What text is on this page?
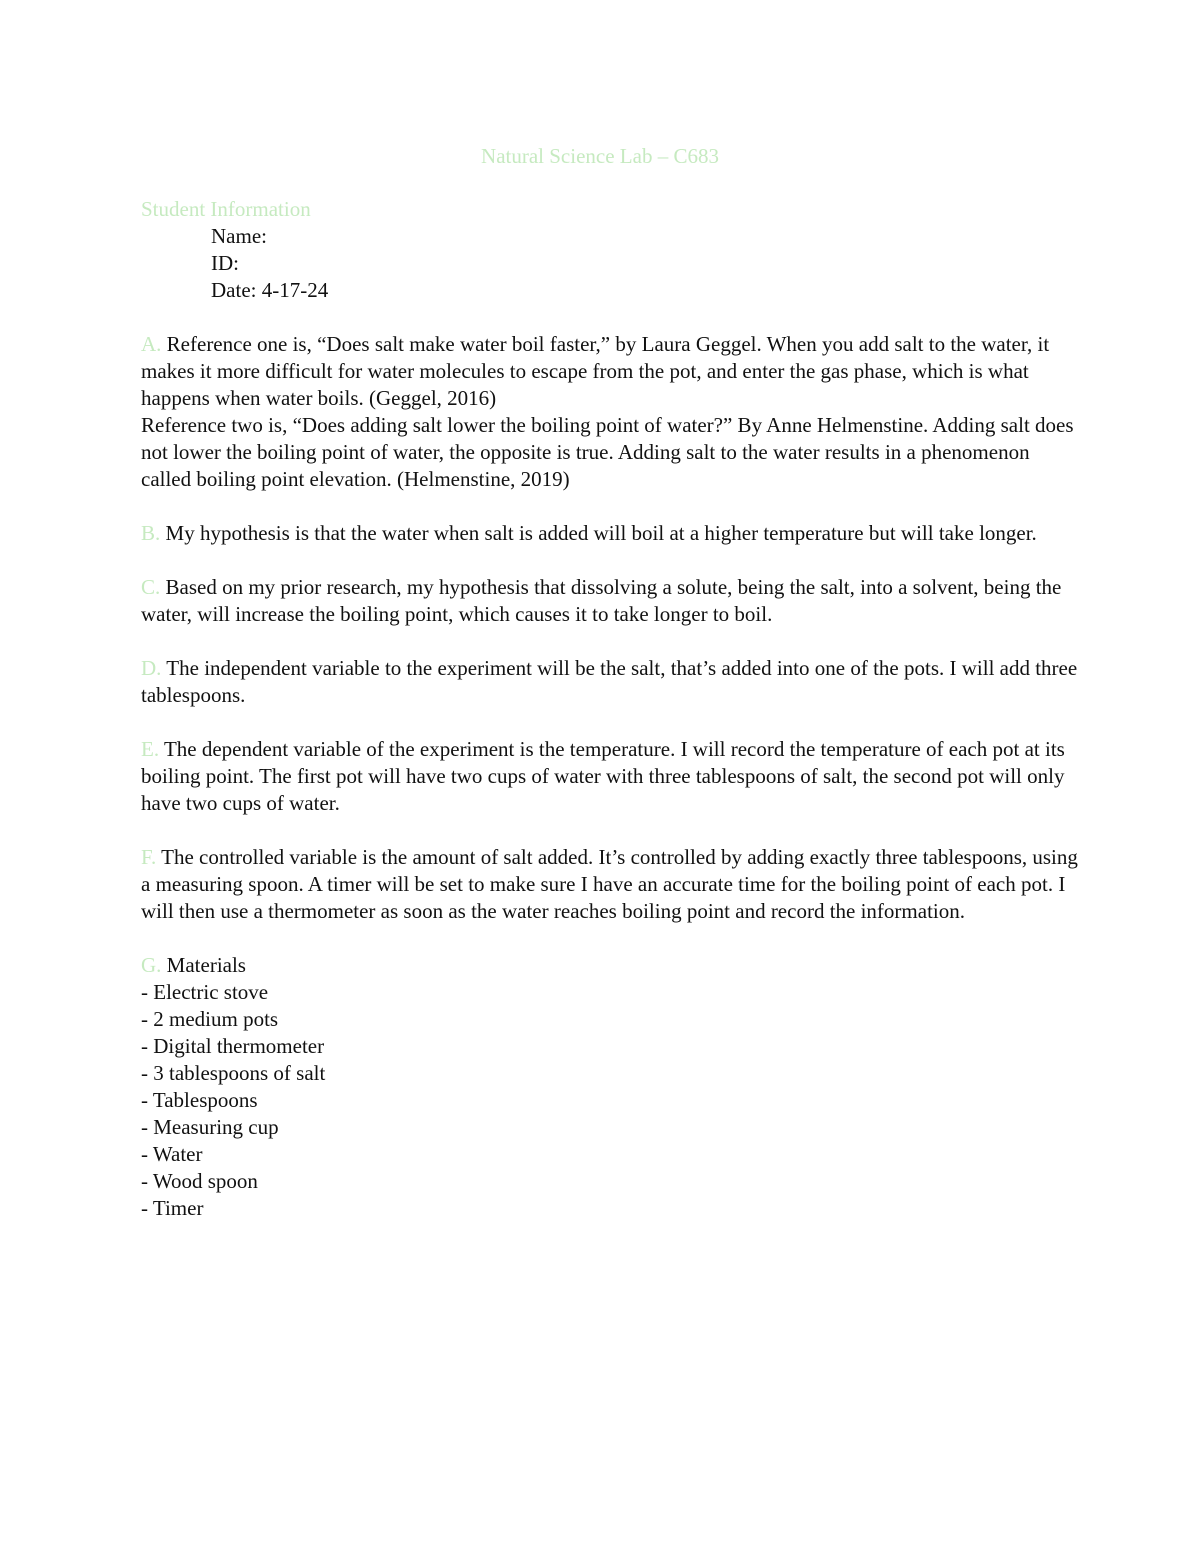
Natural Science Lab – C683

Student Information

Name:

ID:

Date: 4-17-24

A. Reference one is, “Does salt make water boil faster,” by Laura Geggel. When you add salt to the water, it makes it more difficult for water molecules to escape from the pot, and enter the gas phase, which is what happens when water boils. (Geggel, 2016)

Reference two is, “Does adding salt lower the boiling point of water?” By Anne Helmenstine. Adding salt does not lower the boiling point of water, the opposite is true. Adding salt to the water results in a phenomenon called boiling point elevation. (Helmenstine, 2019)

B. My hypothesis is that the water when salt is added will boil at a higher temperature but will take longer.

C. Based on my prior research, my hypothesis that dissolving a solute, being the salt, into a solvent, being the water, will increase the boiling point, which causes it to take longer to boil.

D. The independent variable to the experiment will be the salt, that’s added into one of the pots. I will add three tablespoons.

E. The dependent variable of the experiment is the temperature. I will record the temperature of each pot at its boiling point. The first pot will have two cups of water with three tablespoons of salt, the second pot will only have two cups of water.

F. The controlled variable is the amount of salt added. It’s controlled by adding exactly three tablespoons, using a measuring spoon. A timer will be set to make sure I have an accurate time for the boiling point of each pot. I will then use a thermometer as soon as the water reaches boiling point and record the information.

G. Materials

- Electric stove
- 2 medium pots
- Digital thermometer
- 3 tablespoons of salt
- Tablespoons
- Measuring cup
- Water
- Wood spoon
- Timer
